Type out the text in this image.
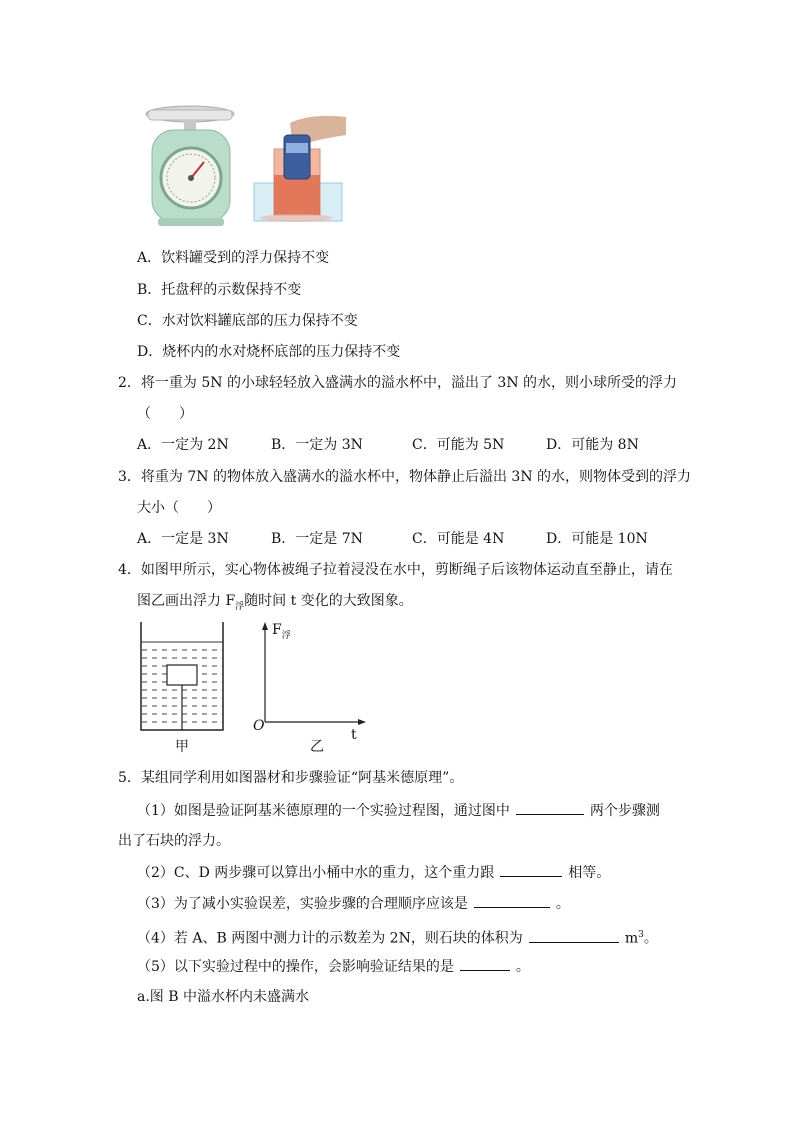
A．饮料罐受到的浮力保持不变
B．托盘秤的示数保持不变
C．水对饮料罐底部的压力保持不变
D．烧杯内的水对烧杯底部的压力保持不变
2．将一重为 5N 的小球轻轻放入盛满水的溢水杯中，溢出了 3N 的水，则小球所受的浮力
（　　）
A．一定为 2N	B．一定为 3N	C．可能为 5N	D．可能为 8N
3．将重为 7N 的物体放入盛满水的溢水杯中，物体静止后溢出 3N 的水，则物体受到的浮力
大小（　　）
A．一定是 3N	B．一定是 7N	C．可能是 4N	D．可能是 10N
4．如图甲所示，实心物体被绳子拉着浸没在水中，剪断绳子后该物体运动直至静止，请在
图乙画出浮力 $F_浮$随时间 t 变化的大致图象。
甲
$F_浮$
O
t
乙
5．某组同学利用如图器材和步骤验证“阿基米德原理”。
（1）如图是验证阿基米德原理的一个实验过程图，通过图中	两个步骤测
出了石块的浮力。
（2）C、D 两步骤可以算出小桶中水的重力，这个重力跟	相等。
（3）为了减小实验误差，实验步骤的合理顺序应该是	。
（4）若 A、B 两图中测力计的示数差为 2N，则石块的体积为	$m^3$。
（5）以下实验过程中的操作，会影响验证结果的是	。
a.图 B 中溢水杯内未盛满水
